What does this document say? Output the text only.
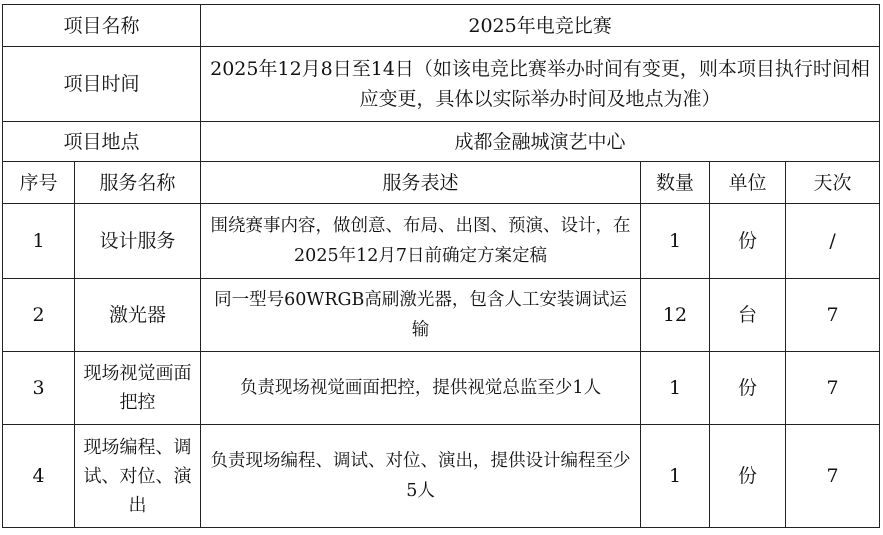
项目名称		2025年电竞比赛			
项目时间		2025年12月8日至14日（如该电竞比赛举办时间有变更，则本项目执行时间相应变更，具体以实际举办时间及地点为准）			
项目地点		成都金融城演艺中心			
序号	服务名称	服务表述	数量	单位	天次
1	设计服务	围绕赛事内容，做创意、布局、出图、预演、设计，在2025年12月7日前确定方案定稿	1	份	/
2	激光器	同一型号60WRGB高刷激光器，包含人工安装调试运输	12	台	7
3	现场视觉画面把控	负责现场视觉画面把控，提供视觉总监至少1人	1	份	7
4	现场编程、调试、对位、演出	负责现场编程、调试、对位、演出，提供设计编程至少5人	1	份	7
